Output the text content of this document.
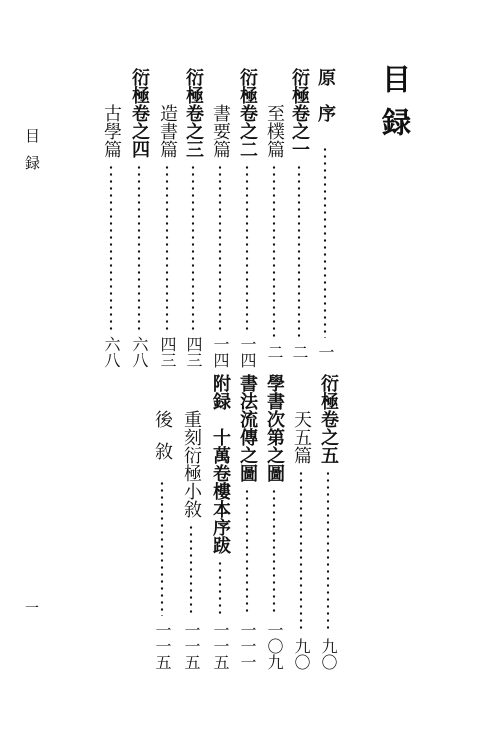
目録
目録
一
原序
一
衍極卷之一
二
至樸篇
二
衍極卷之二
一四
書要篇
一四
衍極卷之三
四三
造書篇
四三
衍極卷之四
六八
古學篇
六八
衍極卷之五
九〇
天五篇
九〇
學書次第之圖
一〇九
書法流傳之圖
一一一
附録　十萬卷樓本序跋
一一五
重刻衍極小敘
一一五
後敘
一一五
